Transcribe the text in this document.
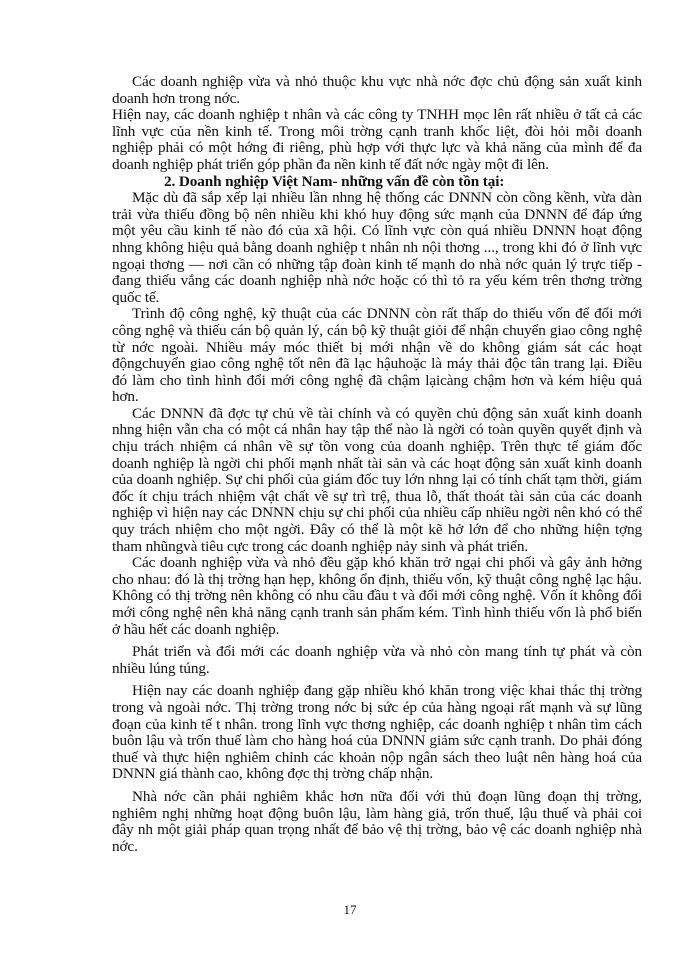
Các doanh nghiệp vừa và nhỏ thuộc khu vực nhà nớc đợc chủ động sản xuất kinh doanh hơn trong nớc.

Hiện nay, các doanh nghiệp t nhân và các công ty TNHH mọc lên rất nhiều ở tất cả các lĩnh vực của nền kinh tế. Trong môi trờng cạnh tranh khốc liệt, đòi hỏi mỗi doanh nghiệp phải có một hớng đi riêng, phù hợp với thực lực và khả năng của mình để đa doanh nghiệp phát triển góp phần đa nền kinh tế đất nớc ngày một đi lên.

2. Doanh nghiệp Việt Nam- những vấn đề còn tồn tại:

Mặc dù đã sắp xếp lại nhiều lần nhng hệ thống các DNNN còn cồng kềnh, vừa dàn trải vừa thiếu đồng bộ nên nhiều khi khó huy động sức mạnh của DNNN để đáp ứng một yêu cầu kinh tế nào đó của xã hội. Có lĩnh vực còn quá nhiều DNNN hoạt động nhng không hiệu quả bằng doanh nghiệp t nhân nh nội thơng ..., trong khi đó ở lĩnh vực ngoại thơng — nơi cần có những tập đoàn kinh tế mạnh do nhà nớc quản lý trực tiếp - đang thiếu vắng các doanh nghiệp nhà nớc hoặc có thì tỏ ra yếu kém trên thơng trờng quốc tế.

Trình độ công nghệ, kỹ thuật của các DNNN còn rất thấp do thiếu vốn để đổi mới công nghệ và thiếu cán bộ quản lý, cán bộ kỹ thuật giỏi để nhận chuyển giao công nghệ từ nớc ngoài. Nhiều máy móc thiết bị mới nhận về do không giám sát các hoạt độngchuyển giao công nghệ tốt nên đã lạc hậuhoặc là máy thải độc tân trang lại. Điều đó làm cho tình hình đổi mới công nghệ đã chậm lạicàng chậm hơn và kém hiệu quả hơn.

Các DNNN đã đợc tự chủ về tài chính và có quyền chủ động sản xuất kinh doanh nhng hiện vẫn cha có một cá nhân hay tập thể nào là ngời có toàn quyền quyết định và chịu trách nhiệm cá nhân về sự tồn vong của doanh nghiệp. Trên thực tế giám đốc doanh nghiệp là ngời chi phối mạnh nhất tài sản và các hoạt động sản xuất kinh doanh của doanh nghiệp. Sự chi phối của giám đốc tuy lớn nhng lại có tính chất tạm thời, giám đốc ít chịu trách nhiệm vật chất về sự trì trệ, thua lỗ, thất thoát tài sản của các doanh nghiệp vì hiện nay các DNNN chịu sự chi phối của nhiều cấp nhiều ngời nên khó có thể quy trách nhiệm cho một ngời. Đây có thể là một kẽ hở lớn để cho những hiện tợng tham nhũngvà tiêu cực trong các doanh nghiệp nảy sinh và phát triển.

Các doanh nghiệp vừa và nhỏ đều gặp khó khăn trở ngại chi phối và gây ảnh hởng cho nhau: đó là thị trờng hạn hẹp, không ổn định, thiếu vốn, kỹ thuật công nghệ lạc hậu. Không có thị trờng nên không có nhu cầu đầu t và đổi mới công nghệ. Vốn ít không đổi mới công nghệ nên khả năng cạnh tranh sản phẩm kém. Tình hình thiếu vốn là phổ biến ở hầu hết các doanh nghiệp.

Phát triển và đổi mới các doanh nghiệp vừa và nhỏ còn mang tính tự phát và còn nhiều lúng túng.

Hiện nay các doanh nghiệp đang gặp nhiều khó khăn trong việc khai thác thị trờng trong và ngoài nớc. Thị trờng trong nớc bị sức ép của hàng ngoại rất mạnh và sự lũng đoạn của kinh tế t nhân. trong lĩnh vực thơng nghiệp, các doanh nghiệp t nhân tìm cách buôn lậu và trốn thuế làm cho hàng hoá của DNNN giảm sức cạnh tranh. Do phải đóng thuế và thực hiện nghiêm chỉnh các khoản nộp ngân sách theo luật nên hàng hoá của DNNN giá thành cao, không đợc thị trờng chấp nhận.

Nhà nớc cần phải nghiêm khắc hơn nữa đối với thủ đoạn lũng đoạn thị trờng, nghiêm nghị những hoạt động buôn lậu, làm hàng giả, trốn thuế, lậu thuế và phải coi đây nh một giải pháp quan trọng nhất để bảo vệ thị trờng, bảo vệ các doanh nghiệp nhà nớc.

17
